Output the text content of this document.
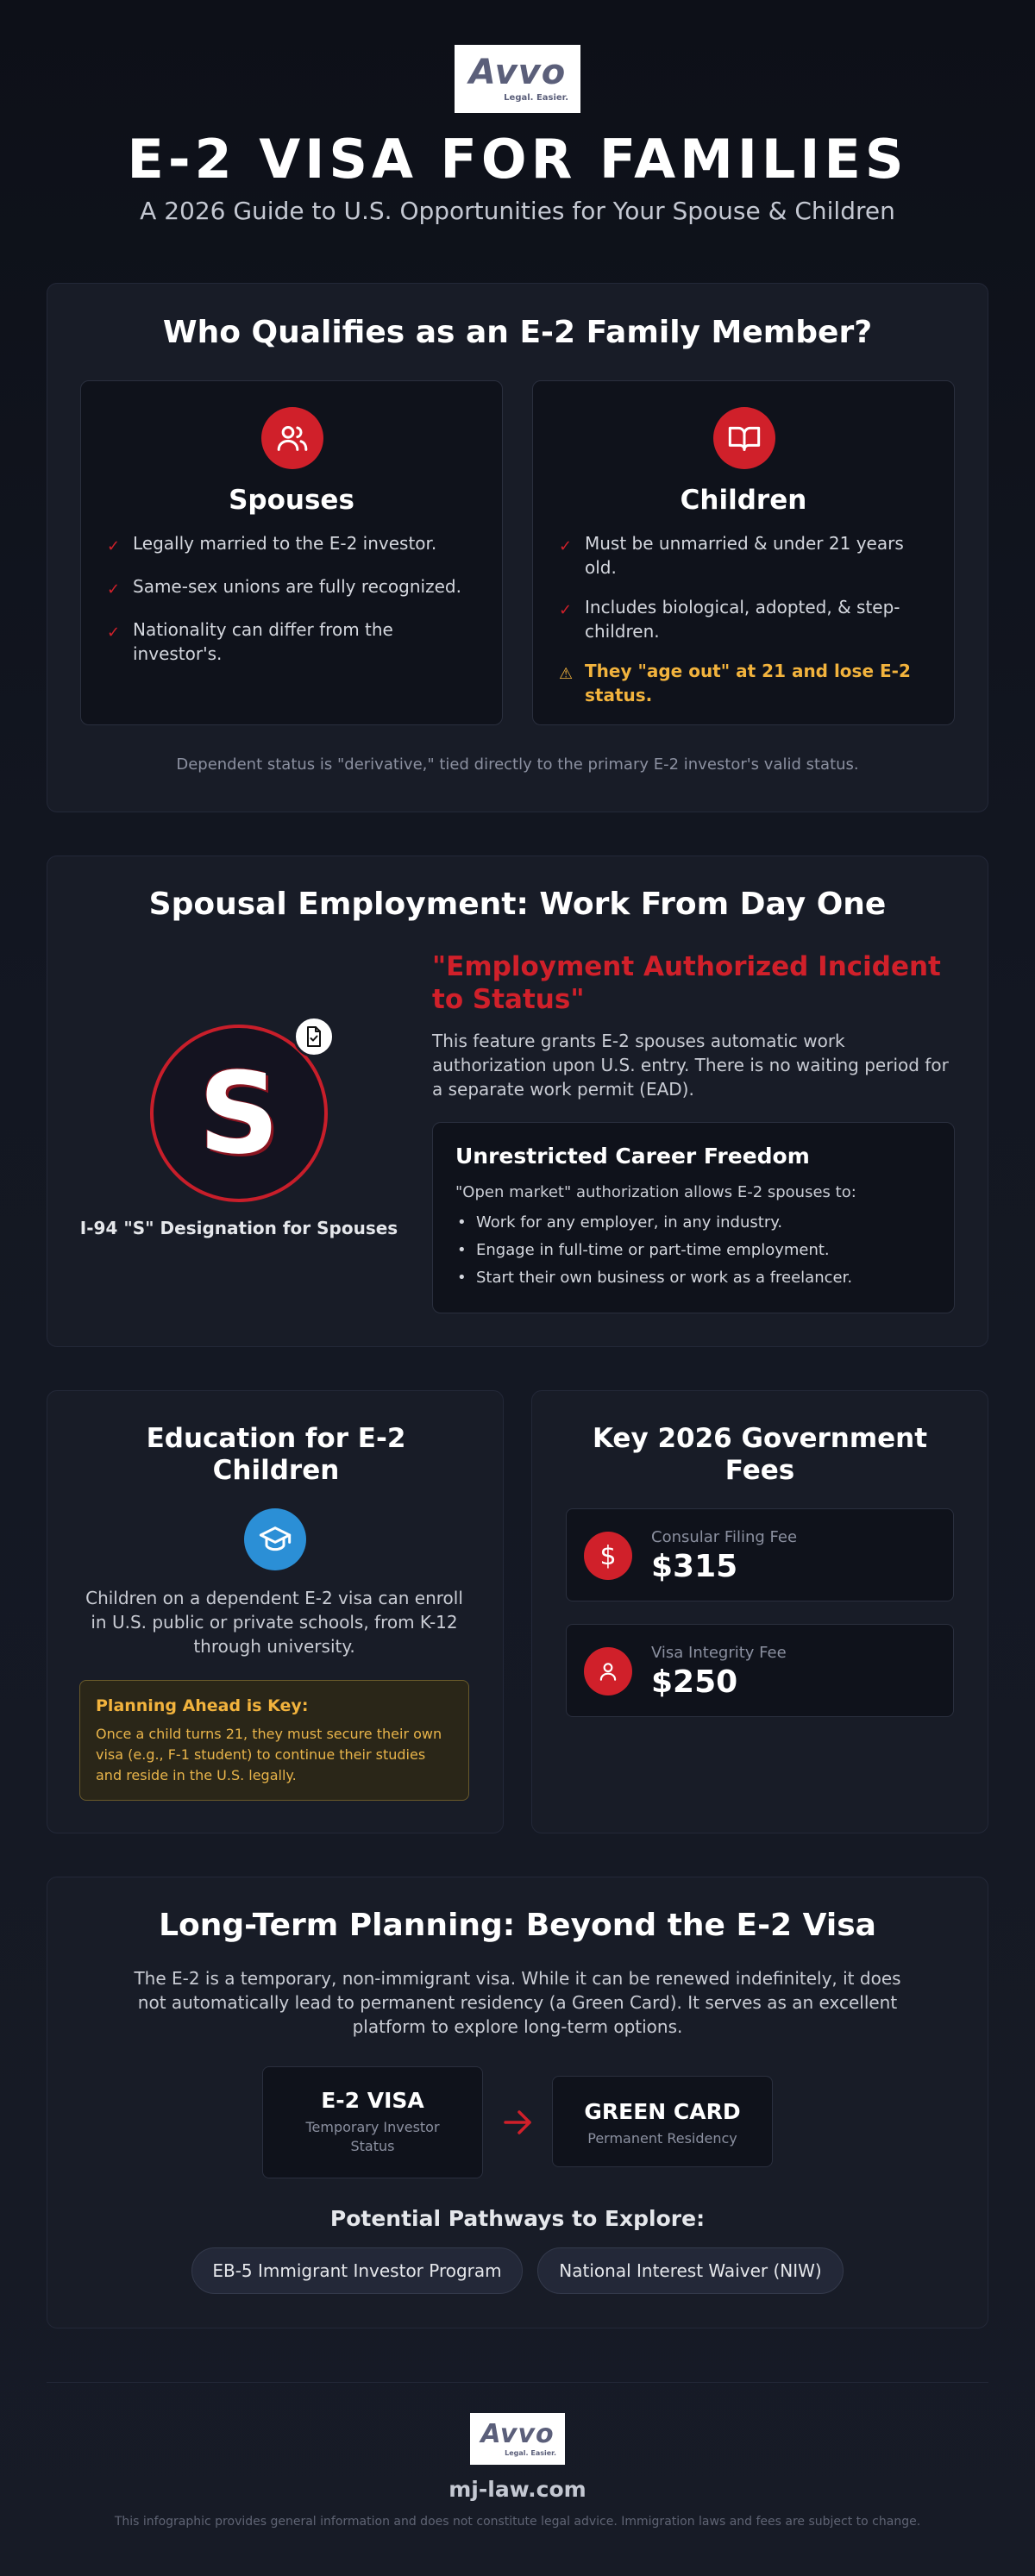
Avvo
Legal. Easier.
E-2 VISA FOR FAMILIES
A 2026 Guide to U.S. Opportunities for Your Spouse & Children
Who Qualifies as an E-2 Family Member?
Spouses
✓ Legally married to the E-2 investor.
✓ Same-sex unions are fully recognized.
✓ Nationality can differ from the investor's.
Children
✓ Must be unmarried & under 21 years old.
✓ Includes biological, adopted, & step-children.
⚠ They "age out" at 21 and lose E-2 status.
Dependent status is "derivative," tied directly to the primary E-2 investor's valid status.
Spousal Employment: Work From Day One
S
I-94 "S" Designation for Spouses
"Employment Authorized Incident to Status"
This feature grants E-2 spouses automatic work authorization upon U.S. entry. There is no waiting period for a separate work permit (EAD).
Unrestricted Career Freedom
"Open market" authorization allows E-2 spouses to:
• Work for any employer, in any industry.
• Engage in full-time or part-time employment.
• Start their own business or work as a freelancer.
Education for E-2 Children
Children on a dependent E-2 visa can enroll in U.S. public or private schools, from K-12 through university.
Planning Ahead is Key:
Once a child turns 21, they must secure their own visa (e.g., F-1 student) to continue their studies and reside in the U.S. legally.
Key 2026 Government Fees
$
Consular Filing Fee
$315
Visa Integrity Fee
$250
Long-Term Planning: Beyond the E-2 Visa
The E-2 is a temporary, non-immigrant visa. While it can be renewed indefinitely, it does not automatically lead to permanent residency (a Green Card). It serves as an excellent platform to explore long-term options.
E-2 VISA
Temporary Investor Status
GREEN CARD
Permanent Residency
Potential Pathways to Explore:
EB-5 Immigrant Investor Program	National Interest Waiver (NIW)
Avvo
Legal. Easier.
mj-law.com
This infographic provides general information and does not constitute legal advice. Immigration laws and fees are subject to change.
